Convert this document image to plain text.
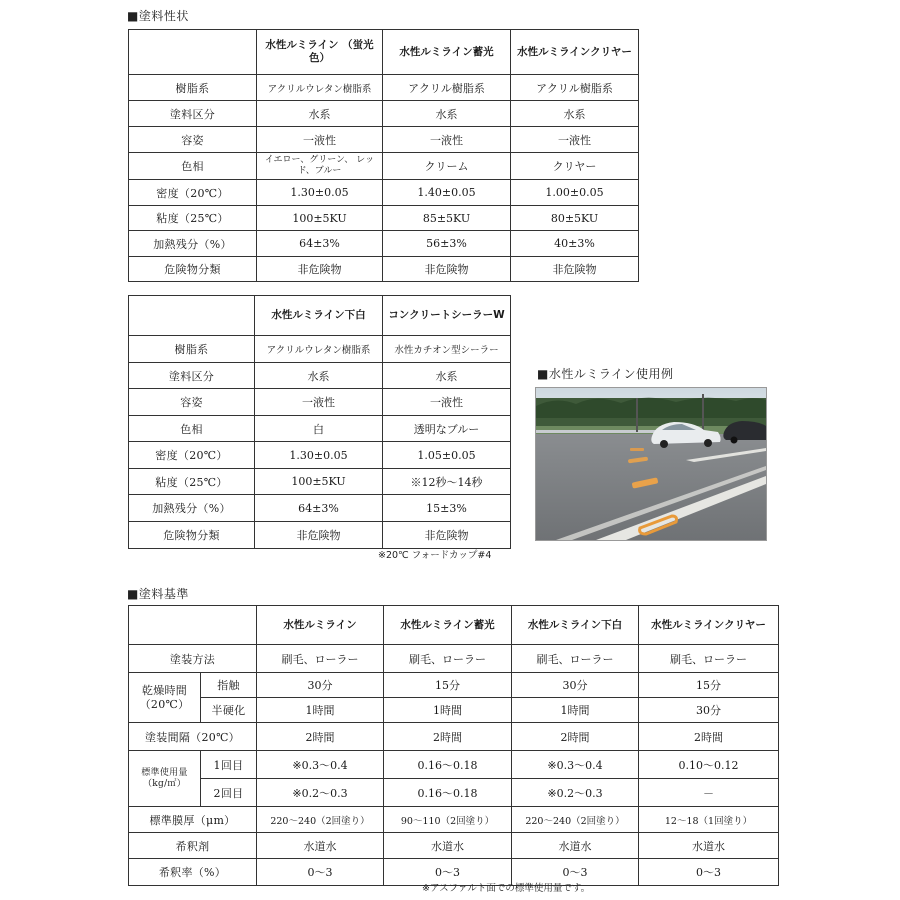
■塗料性状
	水性ルミライン （蛍光色）	水性ルミライン蓄光	水性ルミラインクリヤー
樹脂系	アクリルウレタン樹脂系	アクリル樹脂系	アクリル樹脂系
塗料区分	水系	水系	水系
容姿	一液性	一液性	一液性
色相	イエロー、グリーン、 レッド、ブルー	クリーム	クリヤー
密度（20℃）	1.30±0.05	1.40±0.05	1.00±0.05
粘度（25℃）	100±5KU	85±5KU	80±5KU
加熱残分（%）	64±3%	56±3%	40±3%
危険物分類	非危険物	非危険物	非危険物
	水性ルミライン下白	コンクリートシーラーW
樹脂系	アクリルウレタン樹脂系	水性カチオン型シーラー
塗料区分	水系	水系
容姿	一液性	一液性
色相	白	透明なブルー
密度（20℃）	1.30±0.05	1.05±0.05
粘度（25℃）	100±5KU	※12秒～14秒
加熱残分（%）	64±3%	15±3%
危険物分類	非危険物	非危険物
※20℃ フォードカップ#4
■水性ルミライン使用例
■塗料基準
		水性ルミライン	水性ルミライン蓄光	水性ルミライン下白	水性ルミラインクリヤー
塗装方法		刷毛、ローラー	刷毛、ローラー	刷毛、ローラー	刷毛、ローラー
乾燥時間 （20℃）	指触	30分	15分	30分	15分
	半硬化	1時間	1時間	1時間	30分
塗装間隔（20℃）		2時間	2時間	2時間	2時間
標準使用量 （kg/㎡）	1回目	※0.3～0.4	0.16～0.18	※0.3～0.4	0.10～0.12
	2回目	※0.2～0.3	0.16～0.18	※0.2～0.3	－
標準膜厚（μm）		220～240（2回塗り）	90～110（2回塗り）	220～240（2回塗り）	12～18（1回塗り）
希釈剤		水道水	水道水	水道水	水道水
希釈率（%）		0～3	0～3	0～3	0～3
※アスファルト面での標準使用量です。
